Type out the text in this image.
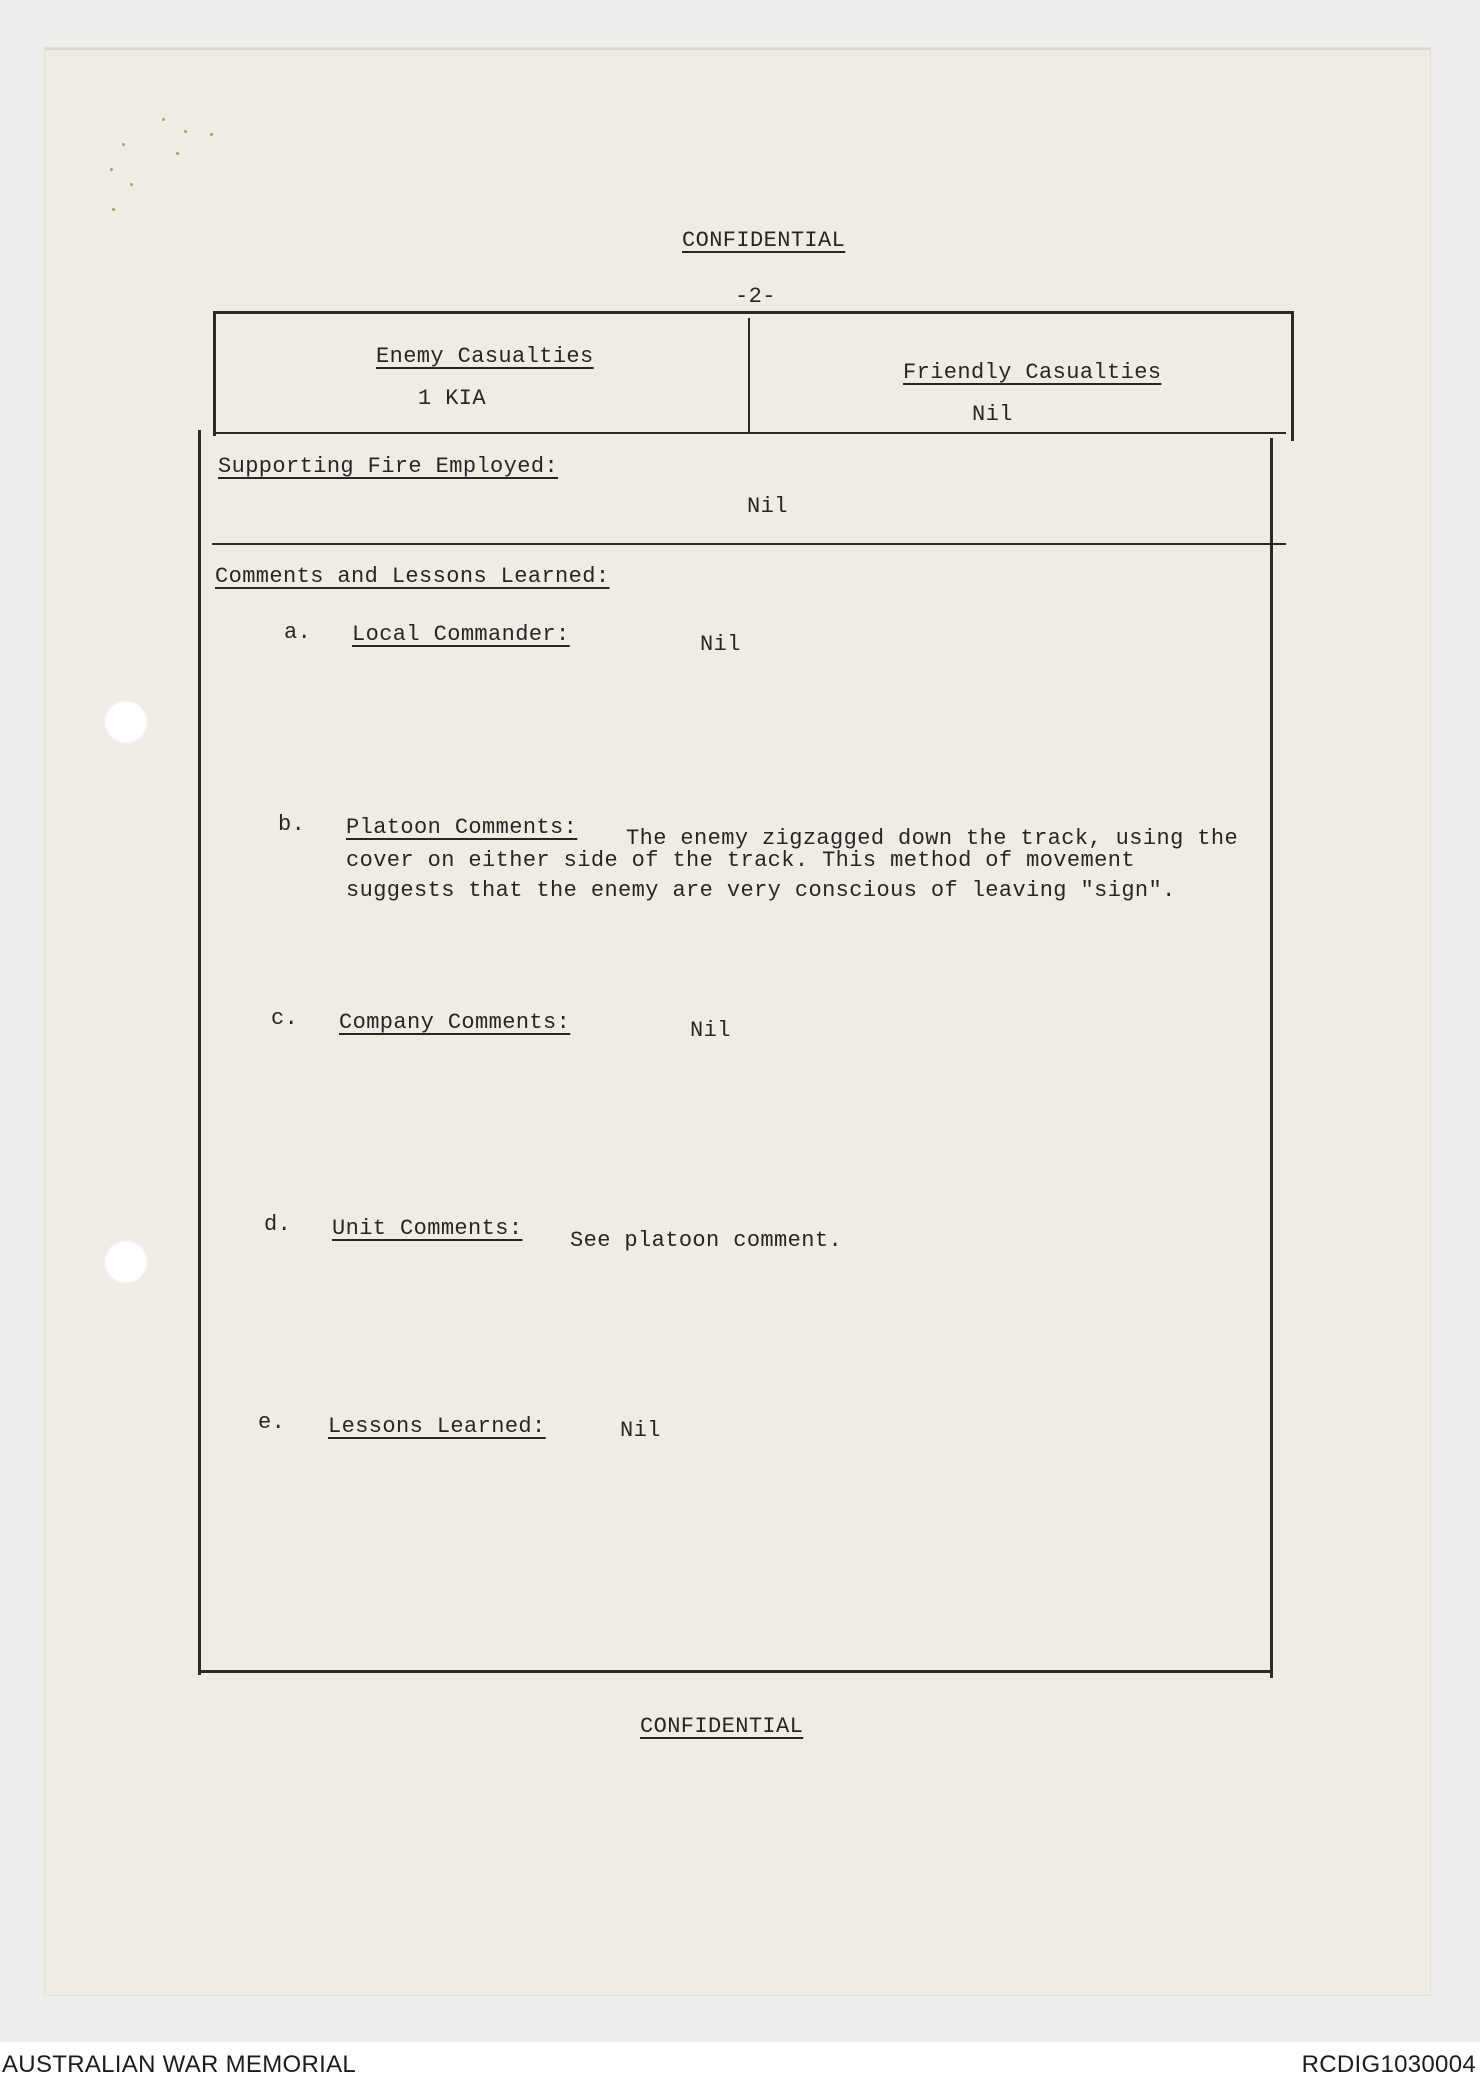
CONFIDENTIAL
-2-
Enemy Casualties
1 KIA
Friendly Casualties
Nil
Supporting Fire Employed:
Nil
Comments and Lessons Learned:
a. Local Commander:	Nil
b. Platoon Comments: The enemy zigzagged down the track, using the
cover on either side of the track. This method of movement
suggests that the enemy are very conscious of leaving "sign".
c. Company Comments:	Nil
d. Unit Comments: See platoon comment.
e. Lessons Learned:	Nil
CONFIDENTIAL
AUSTRALIAN WAR MEMORIAL	RCDIG1030004
